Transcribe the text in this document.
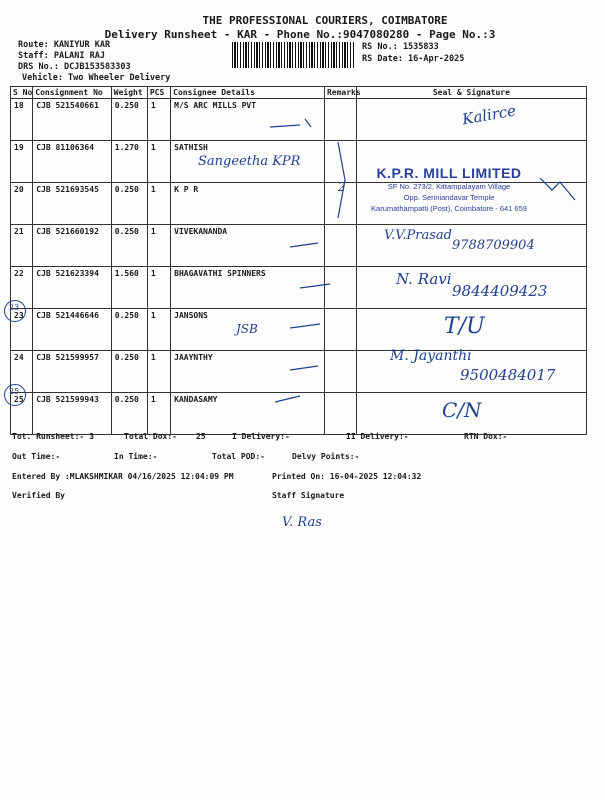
THE PROFESSIONAL COURIERS, COIMBATORE
Delivery Runsheet - KAR - Phone No.:9047080280 - Page No.:3
Route: KANIYUR KAR
Staff: PALANI RAJ
DRS No.: DCJB153583303
Vehicle: Two Wheeler Delivery
RS No.: 1535833
RS Date: 16-Apr-2025
S No	Consignment No	Weight	PCS	Consignee Details	Remarks	Seal & Signature
18	CJB 521540661	0.250	1	M/S ARC MILLS PVT		
19	CJB 81106364	1.270	1	SATHISH		
20	CJB 521693545	0.250	1	K P R		
21	CJB 521660192	0.250	1	VIVEKANANDA		
22	CJB 521623394	1.560	1	BHAGAVATHI SPINNERS		
23	CJB 521446646	0.250	1	JANSONS		
24	CJB 521599957	0.250	1	JAAYNTHY		
25	CJB 521599943	0.250	1	KANDASAMY		
K.P.R. MILL LIMITED
SF No. 273/2, Kittampalayam Village
Opp. Senniandavar Temple
Karumathampatti (Post), Coimbatore - 641 659
Kalirce
Sangeetha KPR
2
V.V.Prasad
9788709904
N. Ravi
9844409423
JSB	T/U
M. Jayanthi
9500484017
C/N
23
25
V. Ras
Tot. Runsheet:- 3	Total Dox:- 25	I Delivery:-	II Delivery:-	RTN Dox:-
Out Time:-	In Time:-	Total POD:-	Delvy Points:-
Entered By :MLAKSHMIKAR 04/16/2025 12:04:09 PM	Printed On: 16-04-2025 12:04:32
Verified By	Staff Signature
